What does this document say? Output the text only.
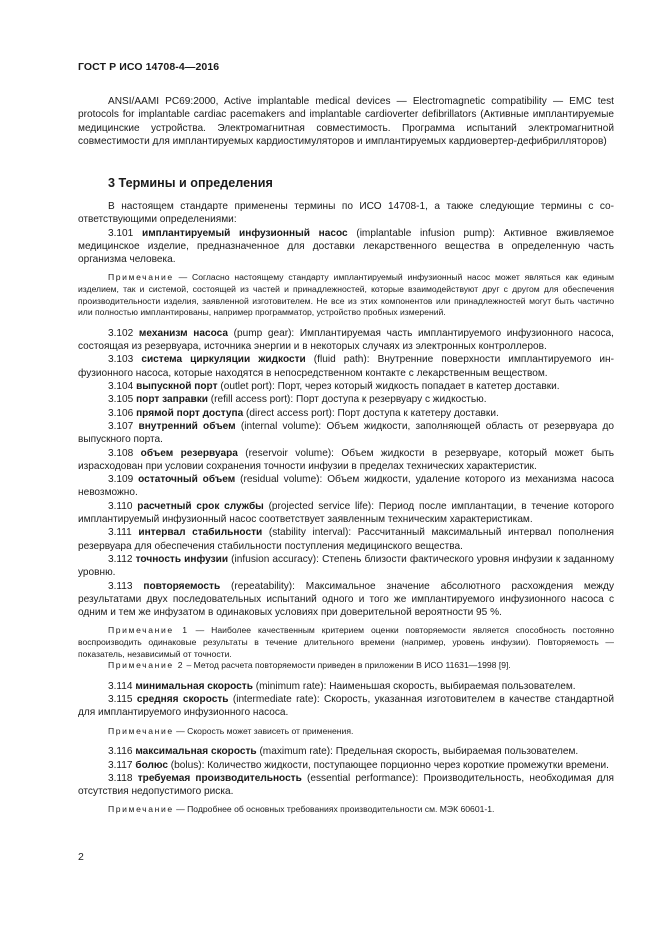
ГОСТ Р ИСО 14708-4—2016

ANSI/AAMI PC69:2000, Active implantable medical devices — Electromagnetic compatibility — EMC test protocols for implantable cardiac pacemakers and implantable cardioverter defibrillators (Активные имплантируемые медицинские устройства. Электромагнитная совместимость. Программа испытаний электромагнитной совместимости для имплантируемых кардиостимуляторов и имплантируемых кардиовертер-дефибрилляторов)

3 Термины и определения

В настоящем стандарте применены термины по ИСО 14708-1, а также следующие термины с соответствующими определениями:

3.101 имплантируемый инфузионный насос (implantable infusion pump): Активное вживляемое медицинское изделие, предназначенное для доставки лекарственного вещества в определенную часть организма человека.

Примечание — Согласно настоящему стандарту имплантируемый инфузионный насос может являться как единым изделием, так и системой, состоящей из частей и принадлежностей, которые взаимодействуют друг с другом для обеспечения производительности изделия, заявленной изготовителем. Не все из этих компонентов или принадлежностей могут быть частично или полностью имплантированы, например программатор, устройство пробных измерений.

3.102 механизм насоса (pump gear): Имплантируемая часть имплантируемого инфузионного насоса, состоящая из резервуара, источника энергии и в некоторых случаях из электронных контроллеров.

3.103 система циркуляции жидкости (fluid path): Внутренние поверхности имплантируемого инфузионного насоса, которые находятся в непосредственном контакте с лекарственным веществом.

3.104 выпускной порт (outlet port): Порт, через который жидкость попадает в катетер доставки.

3.105 порт заправки (refill access port): Порт доступа к резервуару с жидкостью.

3.106 прямой порт доступа (direct access port): Порт доступа к катетеру доставки.

3.107 внутренний объем (internal volume): Объем жидкости, заполняющей область от резервуара до выпускного порта.

3.108 объем резервуара (reservoir volume): Объем жидкости в резервуаре, который может быть израсходован при условии сохранения точности инфузии в пределах технических характеристик.

3.109 остаточный объем (residual volume): Объем жидкости, удаление которого из механизма насоса невозможно.

3.110 расчетный срок службы (projected service life): Период после имплантации, в течение которого имплантируемый инфузионный насос соответствует заявленным техническим характеристикам.

3.111 интервал стабильности (stability interval): Рассчитанный максимальный интервал пополнения резервуара для обеспечения стабильности поступления медицинского вещества.

3.112 точность инфузии (infusion accuracy): Степень близости фактического уровня инфузии к заданному уровню.

3.113 повторяемость (repeatability): Максимальное значение абсолютного расхождения между результатами двух последовательных испытаний одного и того же имплантируемого инфузионного насоса с одним и тем же инфузатом в одинаковых условиях при доверительной вероятности 95 %.

Примечание 1 — Наиболее качественным критерием оценки повторяемости является способность постоянно воспроизводить одинаковые результаты в течение длительного времени (например, уровень инфузии). Повторяемость — показатель, независимый от точности.

Примечание 2 – Метод расчета повторяемости приведен в приложении В ИСО 11631—1998 [9].

3.114 минимальная скорость (minimum rate): Наименьшая скорость, выбираемая пользователем.

3.115 средняя скорость (intermediate rate): Скорость, указанная изготовителем в качестве стандартной для имплантируемого инфузионного насоса.

Примечание — Скорость может зависеть от применения.

3.116 максимальная скорость (maximum rate): Предельная скорость, выбираемая пользователем.

3.117 болюс (bolus): Количество жидкости, поступающее порционно через короткие промежутки времени.

3.118 требуемая производительность (essential performance): Производительность, необходимая для отсутствия недопустимого риска.

Примечание — Подробнее об основных требованиях производительности см. МЭК 60601-1.

2
